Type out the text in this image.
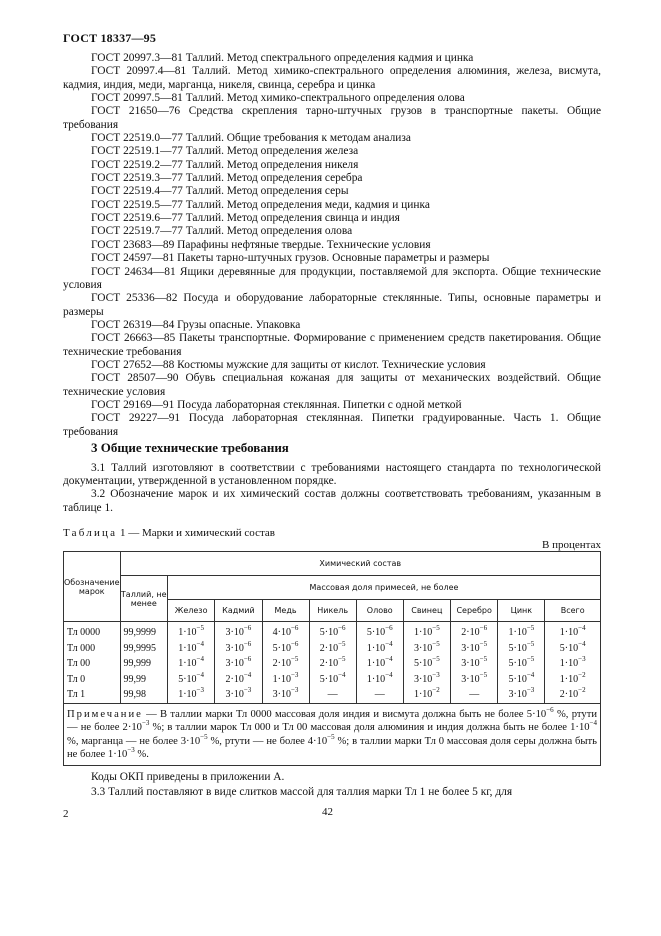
ГОСТ 18337—95

ГОСТ 20997.3—81 Таллий. Метод спектрального определения кадмия и цинка

ГОСТ 20997.4—81 Таллий. Метод химико-спектрального определения алюминия, железа, висмута, кадмия, индия, меди, марганца, никеля, свинца, серебра и цинка

ГОСТ 20997.5—81 Таллий. Метод химико-спектрального определения олова

ГОСТ 21650—76 Средства скрепления тарно-штучных грузов в транспортные пакеты. Общие требования

ГОСТ 22519.0—77 Таллий. Общие требования к методам анализа

ГОСТ 22519.1—77 Таллий. Метод определения железа

ГОСТ 22519.2—77 Таллий. Метод определения никеля

ГОСТ 22519.3—77 Таллий. Метод определения серебра

ГОСТ 22519.4—77 Таллий. Метод определения серы

ГОСТ 22519.5—77 Таллий. Метод определения меди, кадмия и цинка

ГОСТ 22519.6—77 Таллий. Метод определения свинца и индия

ГОСТ 22519.7—77 Таллий. Метод определения олова

ГОСТ 23683—89 Парафины нефтяные твердые. Технические условия

ГОСТ 24597—81 Пакеты тарно-штучных грузов. Основные параметры и размеры

ГОСТ 24634—81 Ящики деревянные для продукции, поставляемой для экспорта. Общие технические условия

ГОСТ 25336—82 Посуда и оборудование лабораторные стеклянные. Типы, основные параметры и размеры

ГОСТ 26319—84 Грузы опасные. Упаковка

ГОСТ 26663—85 Пакеты транспортные. Формирование с применением средств пакетирования. Общие технические требования

ГОСТ 27652—88 Костюмы мужские для защиты от кислот. Технические условия

ГОСТ 28507—90 Обувь специальная кожаная для защиты от механических воздействий. Общие технические условия

ГОСТ 29169—91 Посуда лабораторная стеклянная. Пипетки с одной меткой

ГОСТ 29227—91 Посуда лабораторная стеклянная. Пипетки градуированные. Часть 1. Общие требования

3 Общие технические требования

3.1 Таллий изготовляют в соответствии с требованиями настоящего стандарта по технологической документации, утвержденной в установленном порядке.

3.2 Обозначение марок и их химический состав должны соответствовать требованиям, указанным в таблице 1.

Таблица 1 — Марки и химический состав
В процентах
Обозначение марок	Химический состав									
	Таллий, не менее	Массовая доля примесей, не более								
		Железо	Кадмий	Медь	Никель	Олово	Свинец	Серебро	Цинк	Всего
Тл 0000	99,9999	$1\cdot 10^{-5}$	$3\cdot 10^{-6}$	$4\cdot 10^{-6}$	$5\cdot 10^{-6}$	$5\cdot 10^{-6}$	$1\cdot 10^{-5}$	$2\cdot 10^{-6}$	$1\cdot 10^{-5}$	$1\cdot 10^{-4}$
Тл 000	99,9995	$1\cdot 10^{-4}$	$3\cdot 10^{-6}$	$5\cdot 10^{-6}$	$2\cdot 10^{-5}$	$1\cdot 10^{-4}$	$3\cdot 10^{-5}$	$3\cdot 10^{-5}$	$5\cdot 10^{-5}$	$5\cdot 10^{-4}$
Тл 00	99,999	$1\cdot 10^{-4}$	$3\cdot 10^{-6}$	$2\cdot 10^{-5}$	$2\cdot 10^{-5}$	$1\cdot 10^{-4}$	$5\cdot 10^{-5}$	$3\cdot 10^{-5}$	$5\cdot 10^{-5}$	$1\cdot 10^{-3}$
Тл 0	99,99	$5\cdot 10^{-4}$	$2\cdot 10^{-4}$	$1\cdot 10^{-3}$	$5\cdot 10^{-4}$	$1\cdot 10^{-4}$	$3\cdot 10^{-3}$	$3\cdot 10^{-5}$	$5\cdot 10^{-4}$	$1\cdot 10^{-2}$
Тл 1	99,98	$1\cdot 10^{-3}$	$3\cdot 10^{-3}$	$3\cdot 10^{-3}$	—	—	$1\cdot 10^{-2}$	—	$3\cdot 10^{-3}$	$2\cdot 10^{-2}$
Примечание — В таллии марки Тл 0000 массовая доля индия и висмута должна быть не более $5\cdot 10^{-6}$ %, ртути — не более $2\cdot 10^{-3}$ %; в таллии марок Тл 000 и Тл 00 массовая доля алюминия и индия должна быть не более $1\cdot 10^{-4}$ %, марганца — не более $3\cdot 10^{-5}$ %, ртути — не более $4\cdot 10^{-5}$ %; в таллии марки Тл 0 массовая доля серы должна быть не более $1\cdot 10^{-3}$ %.										

Коды ОКП приведены в приложении А.

3.3 Таллий поставляют в виде слитков массой для таллия марки Тл 1 не более 5 кг, для

2	42
